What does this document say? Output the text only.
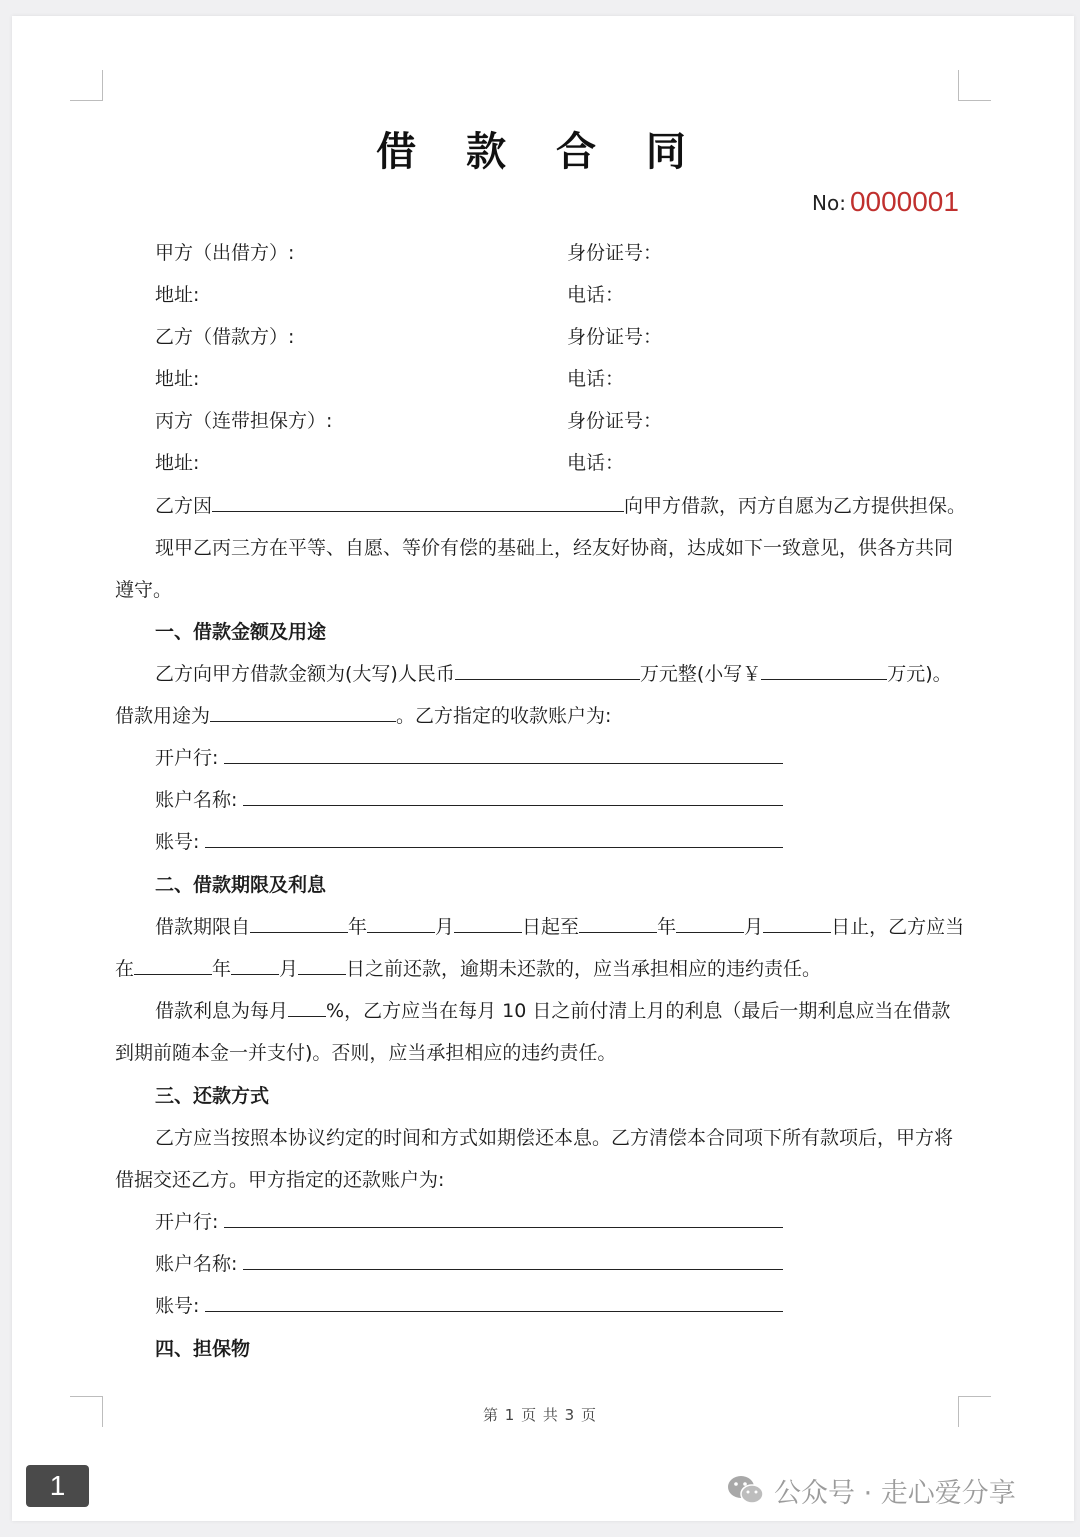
借 款 合 同
No: 0000001
甲方（出借方）:	身份证号：
地址:	电话：
乙方（借款方）:	身份证号：
地址:	电话：
丙方（连带担保方）:	身份证号：
地址:	电话：
乙方因	向甲方借款，丙方自愿为乙方提供担保。
现甲乙丙三方在平等、自愿、等价有偿的基础上，经友好协商，达成如下一致意见，供各方共同
遵守。
一、借款金额及用途
乙方向甲方借款金额为(大写)人民币	万元整(小写￥	万元)。
借款用途为	。乙方指定的收款账户为:
开户行:
账户名称:
账号:
二、借款期限及利息
借款期限自	年	月	日起至	年	月	日止，乙方应当
在	年	月	日之前还款，逾期未还款的，应当承担相应的违约责任。
借款利息为每月 %，乙方应当在每月 10 日之前付清上月的利息（最后一期利息应当在借款
到期前随本金一并支付)。否则，应当承担相应的违约责任。
三、还款方式
乙方应当按照本协议约定的时间和方式如期偿还本息。乙方清偿本合同项下所有款项后，甲方将
借据交还乙方。甲方指定的还款账户为:
开户行:
账户名称:
账号:
四、担保物
第 1 页 共 3 页
1	公众号 · 走心爱分享
